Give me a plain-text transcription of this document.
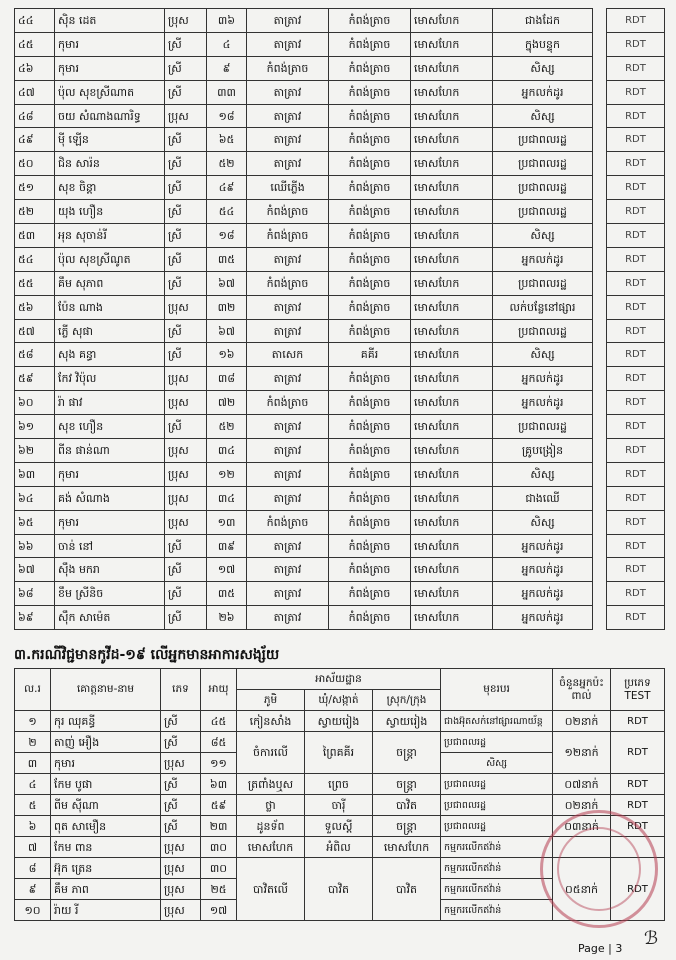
៤៤	ស៊ិន ដេត	ប្រុស	៣៦	តាត្រាវ	កំពង់ត្រាច	មោសហែក	ជាងដែក		RDT
៤៥	កុមារ	ស្រី	៤	តាត្រាវ	កំពង់ត្រាច	មោសហែក	ក្នុងបន្ទុក		RDT
៤៦	កុមារ	ស្រី	៩	កំពង់ត្រាច	កំពង់ត្រាច	មោសហែក	សិស្ស		RDT
៤៧	ប៉ុល សុខស្រីណាត	ស្រី	៣៣	តាត្រាវ	កំពង់ត្រាច	មោសហែក	អ្នកលក់ដូរ		RDT
៤៨	ចយ សំណាងណារិទ្ធ	ប្រុស	១៨	តាត្រាវ	កំពង់ត្រាច	មោសហែក	សិស្ស		RDT
៤៩	ម៉ី ឡើន	ស្រី	៦៥	តាត្រាវ	កំពង់ត្រាច	មោសហែក	ប្រជាពលរដ្ឋ		RDT
៥០	ជិន សារ៉ន	ស្រី	៥២	តាត្រាវ	កំពង់ត្រាច	មោសហែក	ប្រជាពលរដ្ឋ		RDT
៥១	សុខ ចិន្ដា	ស្រី	៤៩	ឈើភ្លើង	កំពង់ត្រាច	មោសហែក	ប្រជាពលរដ្ឋ		RDT
៥២	យុង ហឿន	ស្រី	៥៤	កំពង់ត្រាច	កំពង់ត្រាច	មោសហែក	ប្រជាពលរដ្ឋ		RDT
៥៣	អុន សុចាន់រី	ស្រី	១៨	កំពង់ត្រាច	កំពង់ត្រាច	មោសហែក	សិស្ស		RDT
៥៤	ប៉ុល សុខស្រីណូត	ស្រី	៣៥	តាត្រាវ	កំពង់ត្រាច	មោសហែក	អ្នកលក់ដូរ		RDT
៥៥	គឹម សុភាព	ស្រី	៦៧	កំពង់ត្រាច	កំពង់ត្រាច	មោសហែក	ប្រជាពលរដ្ឋ		RDT
៥៦	ប៉ែន ណាង	ប្រុស	៣២	តាត្រាវ	កំពង់ត្រាច	មោសហែក	លក់បន្លែនៅផ្សារ		RDT
៥៧	ភ្លើ សុផា	ស្រី	៦៧	តាត្រាវ	កំពង់ត្រាច	មោសហែក	ប្រជាពលរដ្ឋ		RDT
៥៨	សុង គន្ធា	ស្រី	១៦	តាសេក	គគីរ	មោសហែក	សិស្ស		RDT
៥៩	កែវ វិប៉ុល	ប្រុស	៣៨	តាត្រាវ	កំពង់ត្រាច	មោសហែក	អ្នកលក់ដូរ		RDT
៦០	រ៉ា ផាវ	ប្រុស	៧២	កំពង់ត្រាច	កំពង់ត្រាច	មោសហែក	អ្នកលក់ដូរ		RDT
៦១	សុខ ហឿន	ស្រី	៥២	តាត្រាវ	កំពង់ត្រាច	មោសហែក	ប្រជាពលរដ្ឋ		RDT
៦២	ពីន ផាន់ណា	ប្រុស	៣៤	តាត្រាវ	កំពង់ត្រាច	មោសហែក	គ្រូបង្រៀន		RDT
៦៣	កុមារ	ប្រុស	១២	តាត្រាវ	កំពង់ត្រាច	មោសហែក	សិស្ស		RDT
៦៤	គង់ សំណាង	ប្រុស	៣៤	តាត្រាវ	កំពង់ត្រាច	មោសហែក	ជាងឈើ		RDT
៦៥	កុមារ	ប្រុស	១៣	កំពង់ត្រាច	កំពង់ត្រាច	មោសហែក	សិស្ស		RDT
៦៦	ចាន់ នៅ	ស្រី	៣៩	តាត្រាវ	កំពង់ត្រាច	មោសហែក	អ្នកលក់ដូរ		RDT
៦៧	ស៊ឹង មករា	ស្រី	១៧	តាត្រាវ	កំពង់ត្រាច	មោសហែក	អ្នកលក់ដូរ		RDT
៦៨	ខឹម ស្រីនិច	ស្រី	៣៥	តាត្រាវ	កំពង់ត្រាច	មោសហែក	អ្នកលក់ដូរ		RDT
៦៩	ស៊ឹក សាម៉េត	ស្រី	២៦	តាត្រាវ	កំពង់ត្រាច	មោសហែក	អ្នកលក់ដូរ		RDT
៣.ករណីវិជ្ជមានកូវីដ-១៩ លើអ្នកមានអាការសង្ស័យ
ល.រ	គោត្តនាម-នាម	ភេទ	អាយុ	អាស័យដ្ឋាន			មុខរបរ	ចំនួនអ្នកប៉ះពាល់	ប្រភេទ TEST
				ភូមិ	ឃុំ/សង្កាត់	ស្រុក/ក្រុង			
១	កុរ ឈុគន្ធី	ស្រី	៤៥	កៀនសាំង	ស្វាយរៀង	ស្វាយរៀង	ជាងអ៊ុតសក់នៅផ្សារណាយ័ន្ត	០២នាក់	RDT
២	តាញ់ អឿង	ស្រី	៨៥	ចំការលើ	ព្រៃគគីរ	ចន្ត្រា	ប្រជាពលរដ្ឋ	១២នាក់	RDT
៣	កុមារ	ប្រុស	១១				សិស្ស		
៤	កែម បូផា	ស្រី	៦៣	ត្រពាំងឬស	ព្រេច	ចន្ត្រា	ប្រជាពលរដ្ឋ	០៧នាក់	RDT
៥	ពីម ស៊ីណា	ស្រី	៥៩	ថ្លា	ចារ៉ី	បាវិត	ប្រជាពលរដ្ឋ	០២នាក់	RDT
៦	ពុត សាមឿន	ស្រី	២៣	ដូនទ័ព	ទួលស្ដី	ចន្ត្រា	ប្រជាពលរដ្ឋ	០៣នាក់	RDT
៧	កែម ពាន	ប្រុស	៣០	មោសហែក	អំពិល	មោសហែក	កម្មករលើកឥវ៉ាន់		
៨	អ៊ុក ត្រេន	ប្រុស	៣០	បាវិតលើ	បាវិត	បាវិត	កម្មករលើកឥវ៉ាន់	០៥នាក់	RDT
៩	គឹម ភាព	ប្រុស	២៥				កម្មករលើកឥវ៉ាន់		
១០	រ៉ាយ រី	ប្រុស	១៧				កម្មករលើកឥវ៉ាន់		
ℬ
Page | 3
